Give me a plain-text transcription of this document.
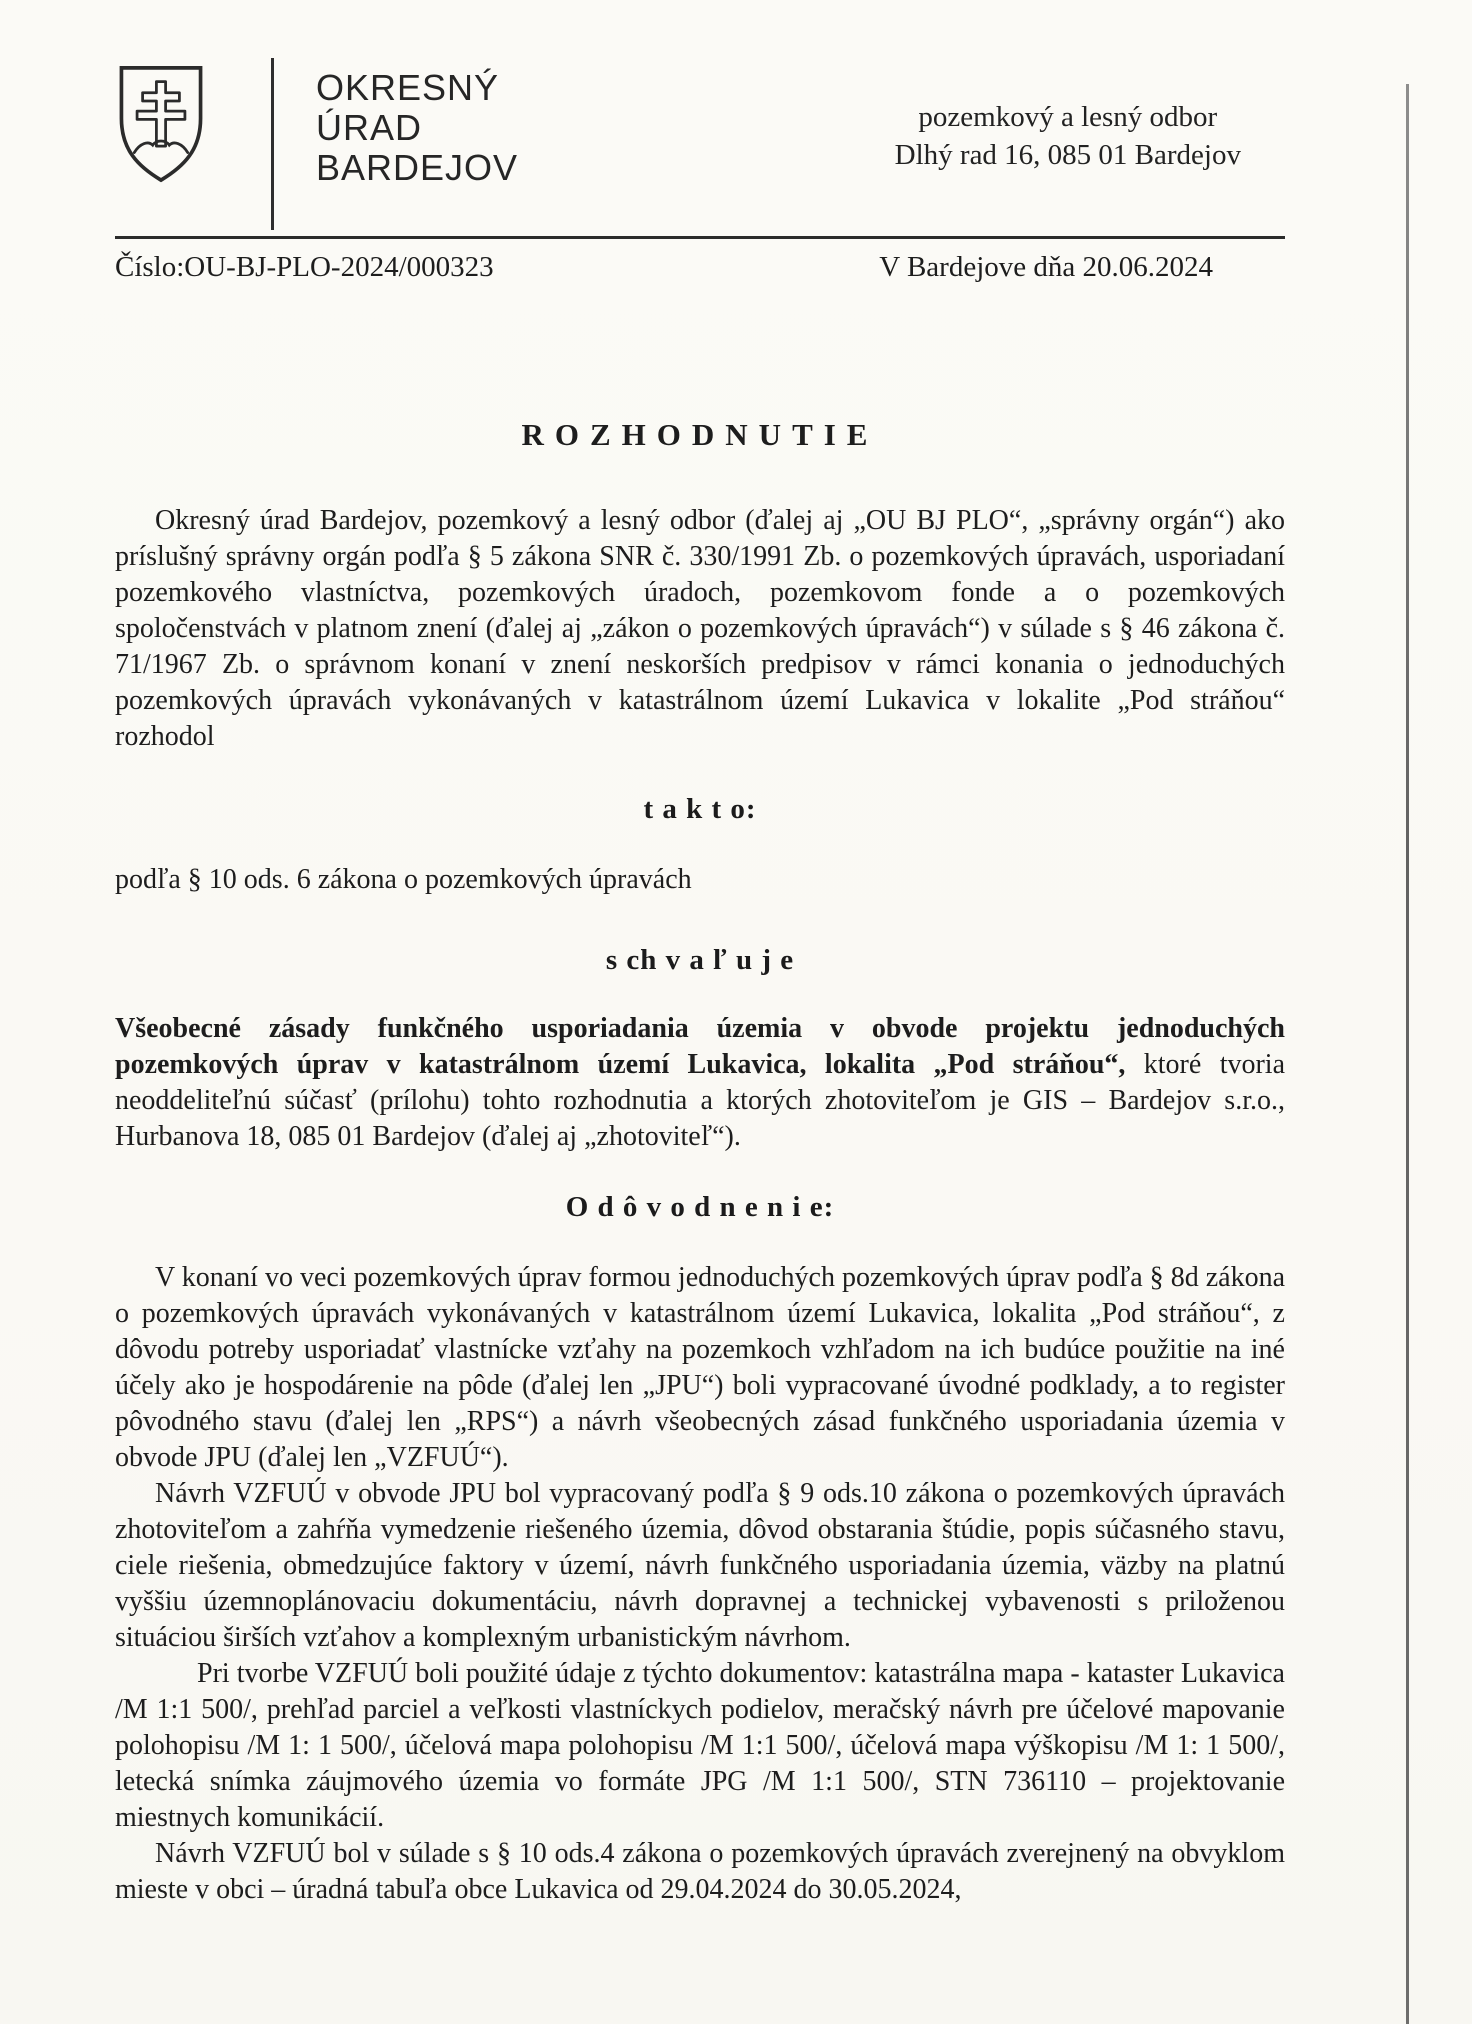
OKRESNÝ
ÚRAD
BARDEJOV
pozemkový a lesný odbor
Dlhý rad 16, 085 01 Bardejov
Číslo:OU-BJ-PLO-2024/000323	V Bardejove dňa 20.06.2024
ROZHODNUTIE

Okresný úrad Bardejov, pozemkový a lesný odbor (ďalej aj „OU BJ PLO“, „správny orgán“) ako príslušný správny orgán podľa § 5 zákona SNR č. 330/1991 Zb. o pozemkových úpravách, usporiadaní pozemkového vlastníctva, pozemkových úradoch, pozemkovom fonde a o pozemkových spoločenstvách v platnom znení (ďalej aj „zákon o pozemkových úpravách“) v súlade s § 46 zákona č. 71/1967 Zb. o správnom konaní v znení neskorších predpisov v rámci konania o jednoduchých pozemkových úpravách vykonávaných v katastrálnom území Lukavica v lokalite „Pod stráňou“ rozhodol

t a k t o:

podľa § 10 ods. 6 zákona o pozemkových úpravách

s ch v a ľ u j e

Všeobecné zásady funkčného usporiadania územia v obvode projektu jednoduchých pozemkových úprav v katastrálnom území Lukavica, lokalita „Pod stráňou“, ktoré tvoria neoddeliteľnú súčasť (prílohu) tohto rozhodnutia a ktorých zhotoviteľom je GIS – Bardejov s.r.o., Hurbanova 18, 085 01 Bardejov (ďalej aj „zhotoviteľ“).

O d ô v o d n e n i e:

V konaní vo veci pozemkových úprav formou jednoduchých pozemkových úprav podľa § 8d zákona o pozemkových úpravách vykonávaných v katastrálnom území Lukavica, lokalita „Pod stráňou“, z dôvodu potreby usporiadať vlastnícke vzťahy na pozemkoch vzhľadom na ich budúce použitie na iné účely ako je hospodárenie na pôde (ďalej len „JPU“) boli vypracované úvodné podklady, a to register pôvodného stavu (ďalej len „RPS“) a návrh všeobecných zásad funkčného usporiadania územia v obvode JPU (ďalej len „VZFUÚ“).

Návrh VZFUÚ v obvode JPU bol vypracovaný podľa § 9 ods.10 zákona o pozemkových úpravách zhotoviteľom a zahŕňa vymedzenie riešeného územia, dôvod obstarania štúdie, popis súčasného stavu, ciele riešenia, obmedzujúce faktory v území, návrh funkčného usporiadania územia, väzby na platnú vyššiu územnoplánovaciu dokumentáciu, návrh dopravnej a technickej vybavenosti s priloženou situáciou širších vzťahov a komplexným urbanistickým návrhom.

Pri tvorbe VZFUÚ boli použité údaje z týchto dokumentov: katastrálna mapa - kataster Lukavica /M 1:1 500/, prehľad parciel a veľkosti vlastníckych podielov, meračský návrh pre účelové mapovanie polohopisu /M 1: 1 500/, účelová mapa polohopisu /M 1:1 500/, účelová mapa výškopisu /M 1: 1 500/, letecká snímka záujmového územia vo formáte JPG /M 1:1 500/, STN 736110 – projektovanie miestnych komunikácií.

Návrh VZFUÚ bol v súlade s § 10 ods.4 zákona o pozemkových úpravách zverejnený na obvyklom mieste v obci – úradná tabuľa obce Lukavica od 29.04.2024 do 30.05.2024,
